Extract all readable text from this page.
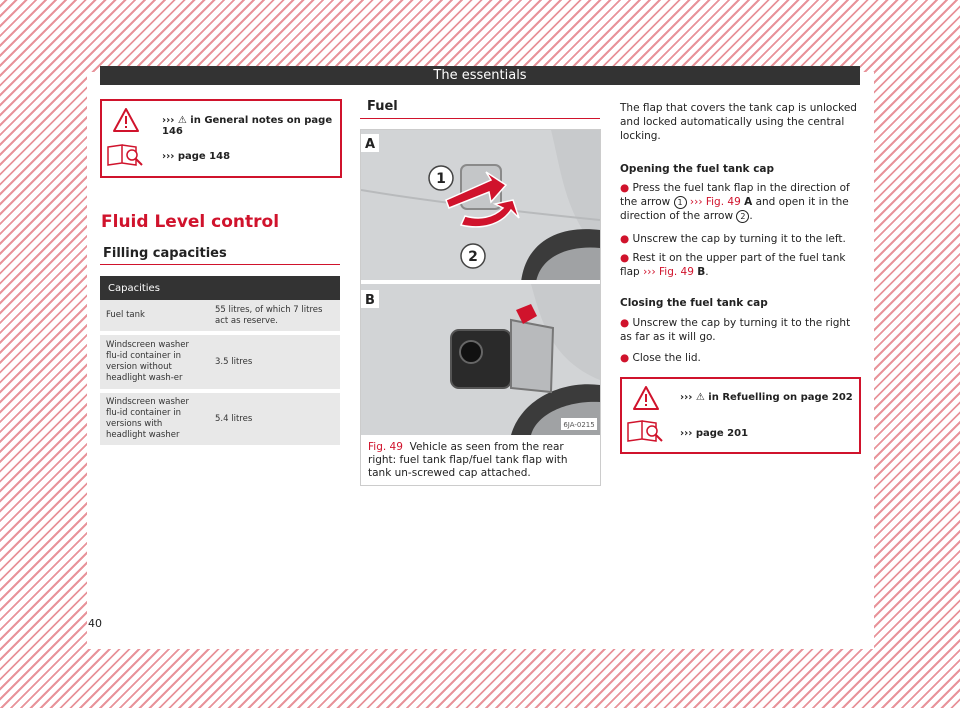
The essentials
››› ⚠ in General notes on page 146
››› page 148
Fluid Level control
Filling capacities
Capacities	
Fuel tank	55 litres, of which 7 litres act as reserve.
Windscreen washer flu-id container in version without headlight wash-er	3.5 litres
Windscreen washer flu-id container in versions with headlight washer	5.4 litres
Fuel
1
2
A
B
6JA-0215
Fig. 49 Vehicle as seen from the rear right: fuel tank flap/fuel tank flap with tank un-screwed cap attached.
The flap that covers the tank cap is unlocked and locked automatically using the central locking.
Opening the fuel tank cap
● Press the fuel tank flap in the direction of the arrow 1 ››› Fig. 49 A and open it in the direction of the arrow 2 .
● Unscrew the cap by turning it to the left.
● Rest it on the upper part of the fuel tank flap ››› Fig. 49 B.
Closing the fuel tank cap
● Unscrew the cap by turning it to the right as far as it will go.
● Close the lid.
››› ⚠ in Refuelling on page 202
››› page 201
40
